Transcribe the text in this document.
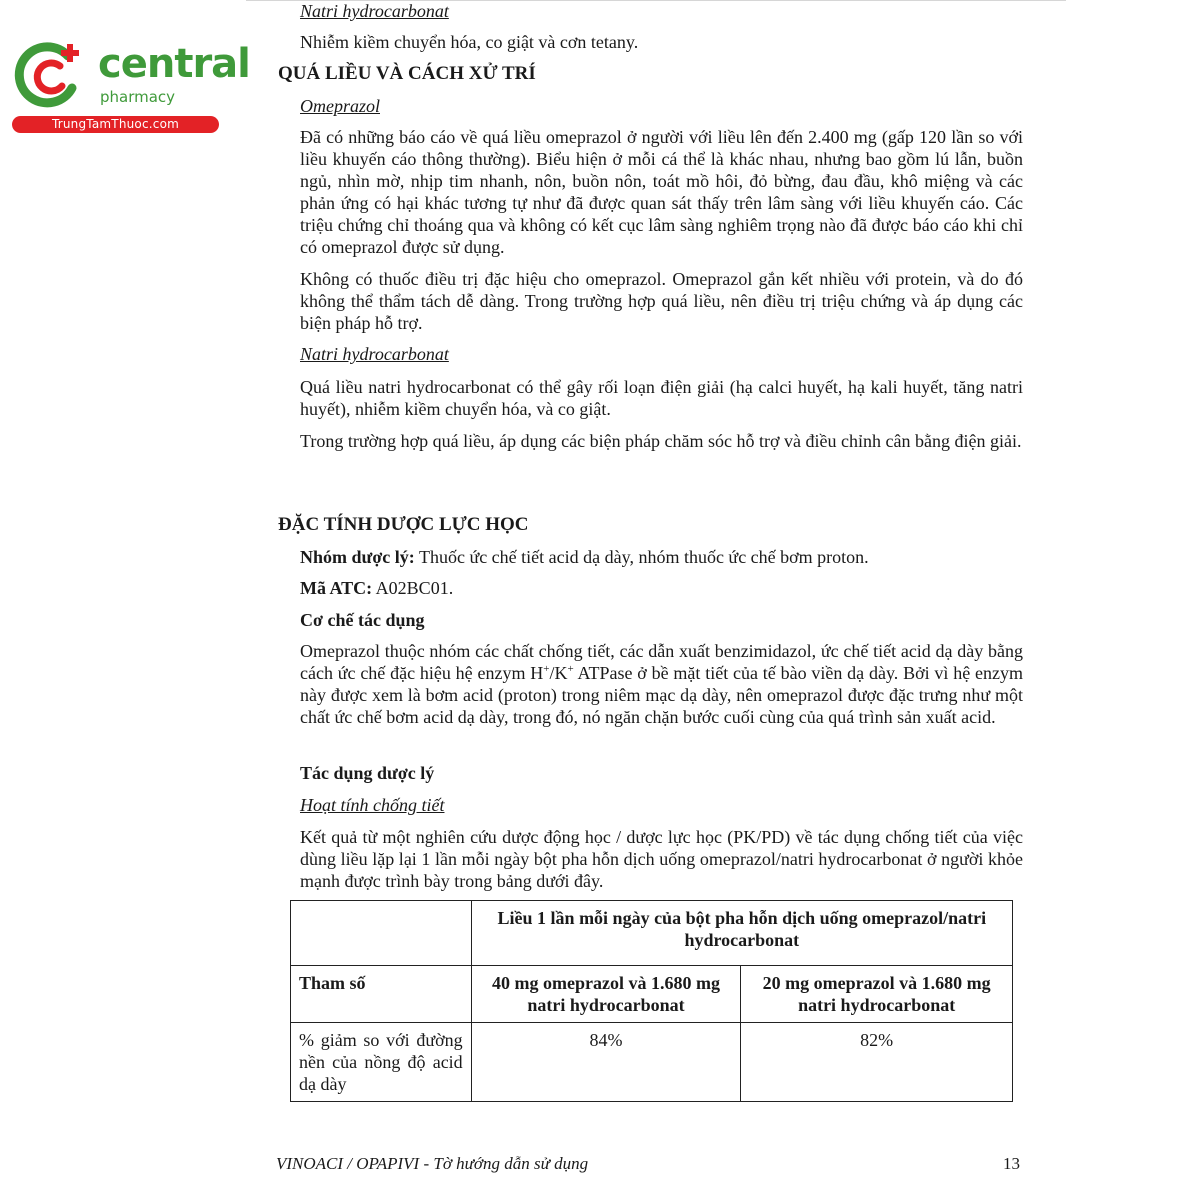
central
pharmacy
TrungTamThuoc.com
Natri hydrocarbonat
Nhiễm kiềm chuyển hóa, co giật và cơn tetany.
QUÁ LIỀU VÀ CÁCH XỬ TRÍ
Omeprazol
Đã có những báo cáo về quá liều omeprazol ở người với liều lên đến 2.400 mg (gấp 120 lần so với liều khuyến cáo thông thường). Biểu hiện ở mỗi cá thể là khác nhau, nhưng bao gồm lú lẫn, buồn ngủ, nhìn mờ, nhịp tim nhanh, nôn, buồn nôn, toát mồ hôi, đỏ bừng, đau đầu, khô miệng và các phản ứng có hại khác tương tự như đã được quan sát thấy trên lâm sàng với liều khuyến cáo. Các triệu chứng chỉ thoáng qua và không có kết cục lâm sàng nghiêm trọng nào đã được báo cáo khi chỉ có omeprazol được sử dụng.
Không có thuốc điều trị đặc hiệu cho omeprazol. Omeprazol gắn kết nhiều với protein, và do đó không thể thẩm tách dễ dàng. Trong trường hợp quá liều, nên điều trị triệu chứng và áp dụng các biện pháp hỗ trợ.
Natri hydrocarbonat
Quá liều natri hydrocarbonat có thể gây rối loạn điện giải (hạ calci huyết, hạ kali huyết, tăng natri huyết), nhiễm kiềm chuyển hóa, và co giật.
Trong trường hợp quá liều, áp dụng các biện pháp chăm sóc hỗ trợ và điều chỉnh cân bằng điện giải.
ĐẶC TÍNH DƯỢC LỰC HỌC
Nhóm dược lý: Thuốc ức chế tiết acid dạ dày, nhóm thuốc ức chế bơm proton.
Mã ATC: A02BC01.
Cơ chế tác dụng
Omeprazol thuộc nhóm các chất chống tiết, các dẫn xuất benzimidazol, ức chế tiết acid dạ dày bằng cách ức chế đặc hiệu hệ enzym H+/K+ ATPase ở bề mặt tiết của tế bào viền dạ dày. Bởi vì hệ enzym này được xem là bơm acid (proton) trong niêm mạc dạ dày, nên omeprazol được đặc trưng như một chất ức chế bơm acid dạ dày, trong đó, nó ngăn chặn bước cuối cùng của quá trình sản xuất acid.
Tác dụng dược lý
Hoạt tính chống tiết
Kết quả từ một nghiên cứu dược động học / dược lực học (PK/PD) về tác dụng chống tiết của việc dùng liều lặp lại 1 lần mỗi ngày bột pha hỗn dịch uống omeprazol/natri hydrocarbonat ở người khỏe mạnh được trình bày trong bảng dưới đây.
	Liều 1 lần mỗi ngày của bột pha hỗn dịch uống omeprazol/natri hydrocarbonat	
Tham số	40 mg omeprazol và 1.680 mg natri hydrocarbonat	20 mg omeprazol và 1.680 mg natri hydrocarbonat
% giảm so với đường nền của nồng độ acid dạ dày	84%	82%
VINOACI / OPAPIVI - Tờ hướng dẫn sử dụng	13
